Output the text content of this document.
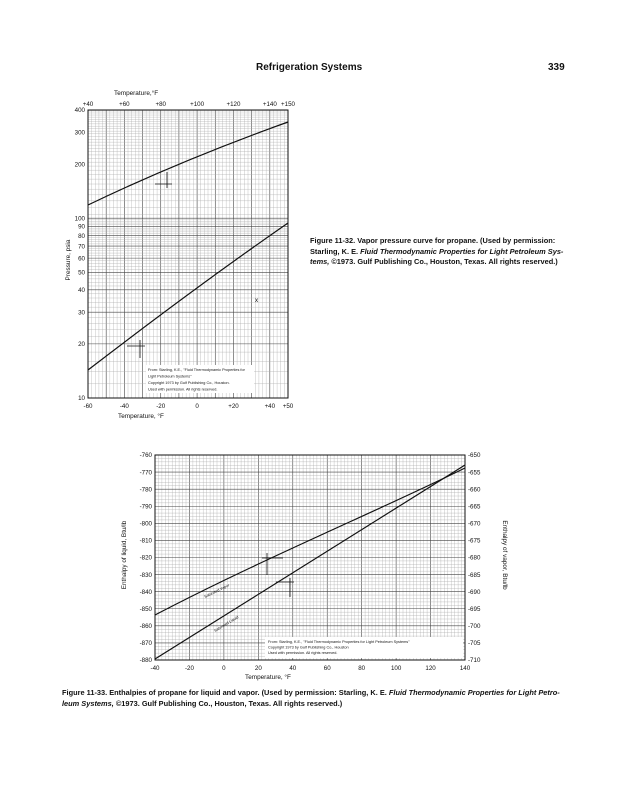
Refrigeration Systems	339
+40	+60	+80	+100	+120	+140 +150
-60	-40	-20	0	+20	+40 +50
10
20
30
40
50
60
70
80
90
100
200
300
400
x
Temperature,°F
Temperature, °F
Pressure, psia
From: Starling, K.E., "Fluid Thermodynamic Properties for
Light Petroleum Systems"
Copyright 1973 by Gulf Publishing Co., Houston.
Used with permission. All rights reserved.
-40	-20	0	20	40	60	80	100	120	140
-760
-770
-780
-790
-800
-810
-820
-830
-840
-850
-860
-870
-880
-650
-655
-660
-665
-670
-675
-680
-685
-690
-695
-700
-705
-710
Saturated Vapor
Saturated Liquid
Temperature, °F
Enthalpy of liquid, Btu/lb	Enthalpy of vapor, Btu/lb
From: Starling, K.E., "Fluid Thermodynamic Properties for Light Petroleum Systems"
Copyright 1973 by Gulf Publishing Co., Houston
Used with permission. All rights reserved.
Figure 11-32. Vapor pressure curve for propane. (Used by permission: Starling, K. E. Fluid Thermodynamic Properties for Light Petroleum Sys-tems, ©1973. Gulf Publishing Co., Houston, Texas. All rights reserved.)
Figure 11-33. Enthalpies of propane for liquid and vapor. (Used by permission: Starling, K. E. Fluid Thermodynamic Properties for Light Petro-leum Systems, ©1973. Gulf Publishing Co., Houston, Texas. All rights reserved.)
